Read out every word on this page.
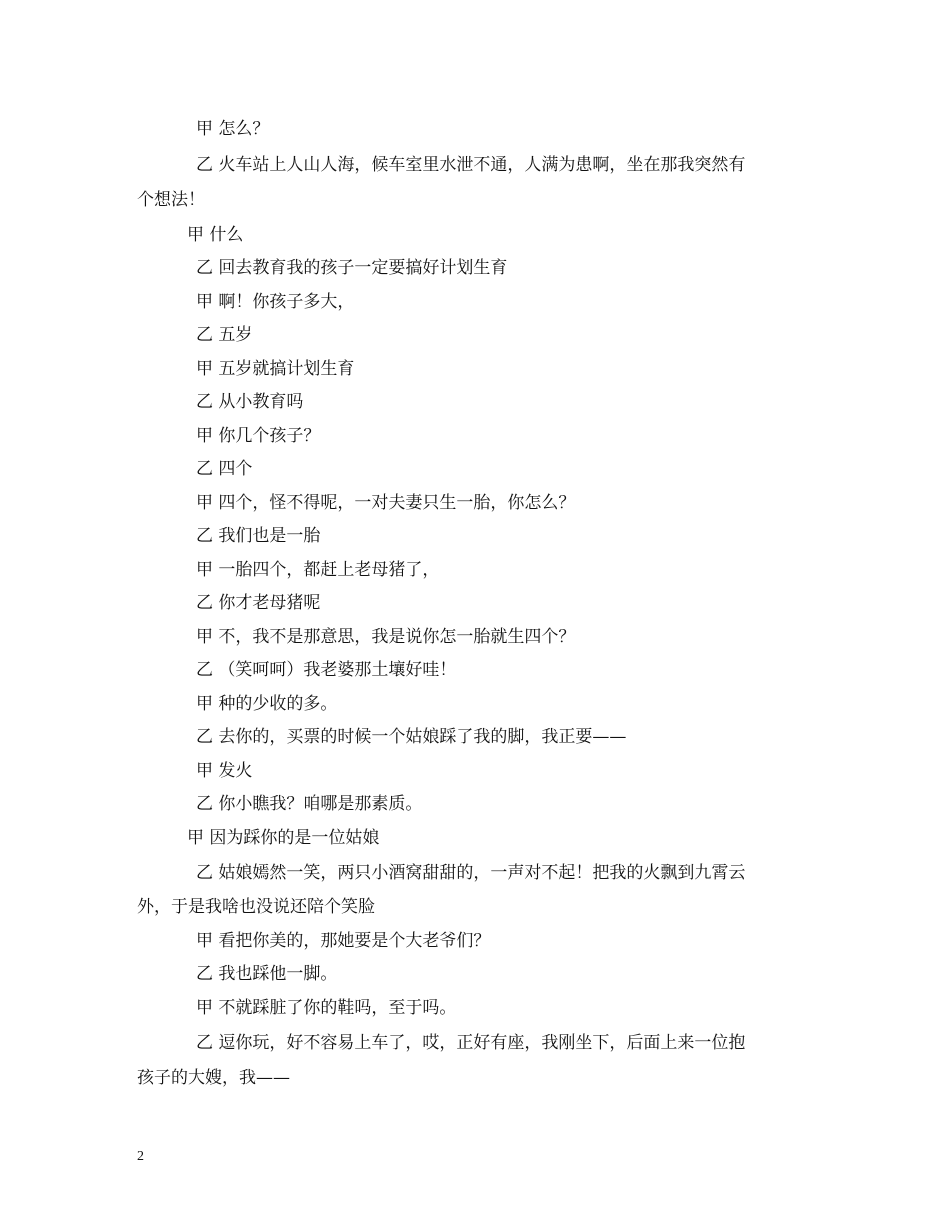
甲 怎么？

乙 火车站上人山人海，候车室里水泄不通，人满为患啊，坐在那我突然有

个想法！

甲 什么

乙 回去教育我的孩子一定要搞好计划生育

甲 啊！你孩子多大，

乙 五岁

甲 五岁就搞计划生育

乙 从小教育吗

甲 你几个孩子？

乙 四个

甲 四个，怪不得呢，一对夫妻只生一胎，你怎么？

乙 我们也是一胎

甲 一胎四个，都赶上老母猪了，

乙 你才老母猪呢

甲 不，我不是那意思，我是说你怎一胎就生四个？

乙 （笑呵呵）我老婆那土壤好哇！

甲 种的少收的多。

乙 去你的，买票的时候一个姑娘踩了我的脚，我正要——

甲 发火

乙 你小瞧我？咱哪是那素质。

甲 因为踩你的是一位姑娘

乙 姑娘嫣然一笑，两只小酒窝甜甜的，一声对不起！把我的火飘到九霄云

外，于是我啥也没说还陪个笑脸

甲 看把你美的，那她要是个大老爷们？

乙 我也踩他一脚。

甲 不就踩脏了你的鞋吗，至于吗。

乙 逗你玩，好不容易上车了，哎，正好有座，我刚坐下，后面上来一位抱

孩子的大嫂，我——

2
